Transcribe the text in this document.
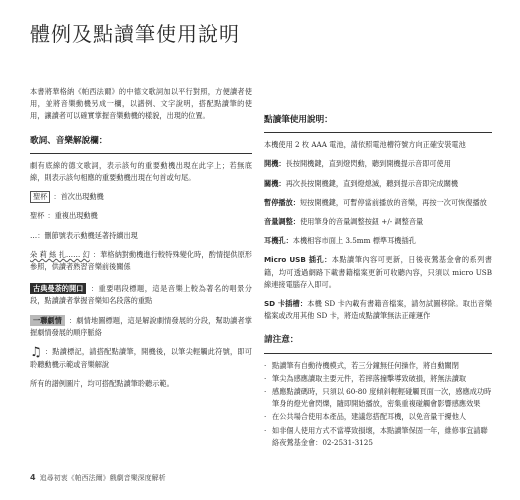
體例及點讀筆使用說明

本書將華格納《帕西法爾》的中德文歌詞加以平行對照，方便讀者使用，並將音樂動機另成一欄，以譜例、文字說明，搭配點讀筆的使用，讓讀者可以確實掌握音樂動機的樣貌，出現的位置。

歌詞、音樂解說欄：

劇有底線的德文歌詞，表示該句的重要動機出現在此字上；若無底線，則表示該句相應的重要動機出現在句首或句尾。

聖杯 ：首次出現動機

聖杯 ：重複出現動機

…：刪節號表示動機延著持續出現

朵 莉 絲 扎…… 幻 ：華格納對動機進行較特殊變化時，酌情提供原形參照，供讀者熟習音樂前後關係

古典曼荼的開口 ：重要唱段標題，這是音樂上較為著名的唱景分段，點讀讀者掌握音樂知名段落的重點

一聯劇情 ：劇情地圖標題，這是解說劇情發展的分段，幫助讀者掌握劇情發展的順序脈絡

♫ ：點讀標記，請搭配點讀筆，開機後，以筆尖輕觸此符號，即可聆聽動機示範或音樂解說

所有的譜例圖片，均可搭配點讀筆聆聽示範。

點讀筆使用說明：

本機使用 2 枚 AAA 電池，請依照電池槽符號方向正確安裝電池

開機：長按開機鍵，直到燈閃動，聽到開機提示音即可使用

關機：再次長按開機鍵，直到燈熄滅，聽到提示音即完成關機

暫停播放：短按開機鍵，可暫停當前播放的音樂，再按一次可恢復播放

音量調整：使用筆身的音量調整按鈕 +/- 調整音量

耳機孔：本機相容市面上 3.5mm 標準耳機插孔

Micro USB 插孔：本點讀筆內容可更新，日後夜鶯基金會的系列書籍，均可透過網路下載書籍檔案更新可收聽內容，只須以 micro USB 線連接電腦存入即可。

SD 卡插槽：本機 SD 卡內載有書籍音檔案，請勿試圖移除。取出音樂檔案或改用其他 SD 卡，將造成點讀筆無法正確運作

請注意：
· 點讀筆有自動待機模式，若三分鐘無任何操作，將自動關閉
· 筆尖為感應讀取主要元件，若摔落撞擊導致破損，將無法讀取
· 感應點讀碼時，只須以 60-80 度傾斜輕輕碰觸頁面一次，感應成功時筆身的燈光會閃爍，隨即開始播放，密集重複碰觸會影響感應效果
· 在公共場合使用本產品，建議您搭配耳機，以免音量干擾他人
· 如非個人使用方式不當導致損壞，本點讀筆保固一年，維修事宜請聯絡夜鶯基金會：02-2531-3125
4 追尋初衷《帕西法爾》戲劇音樂深度解析
